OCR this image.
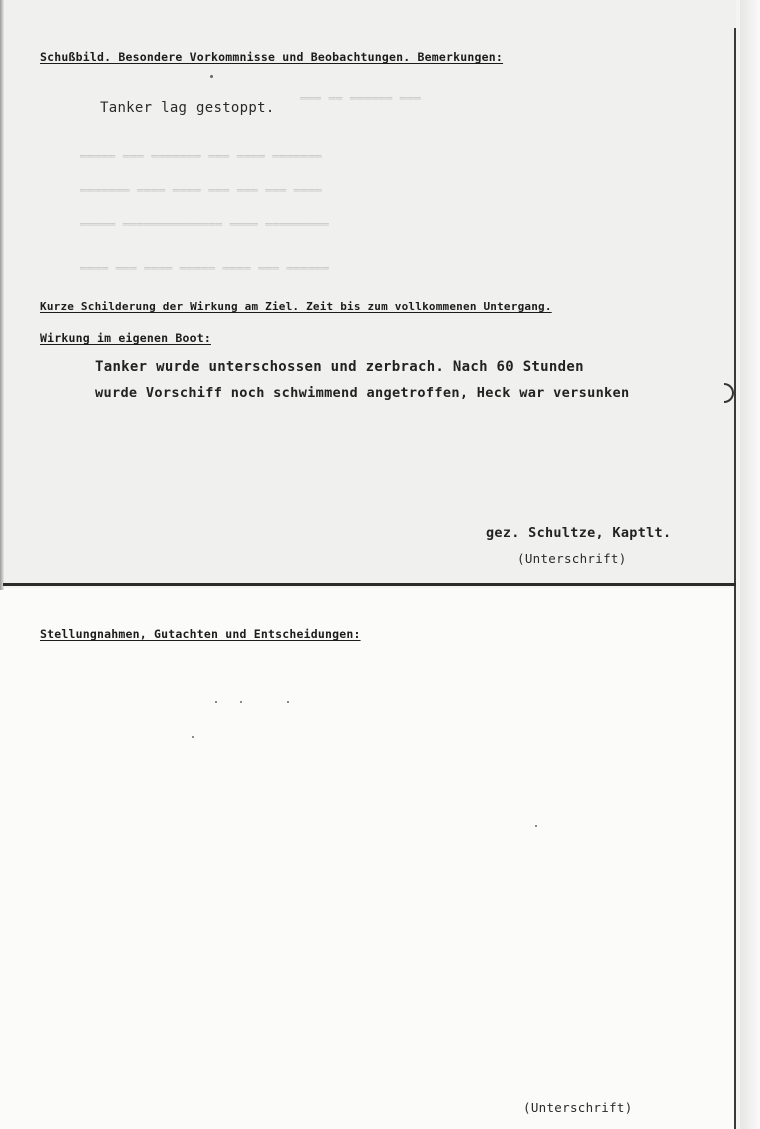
═══ ══ ══════ ═══
═════ ═══ ═══════ ═══ ════ ═══════
═══════ ════ ════ ═══ ═══ ═══ ════
═════ ══════════════ ════ ═════════
════ ═══ ════ ═════ ════ ═══ ══════
Schußbild. Besondere Vorkommnisse und Beobachtungen. Bemerkungen:
Tanker lag gestoppt.
Kurze Schilderung der Wirkung am Ziel. Zeit bis zum vollkommenen Untergang.
Wirkung im eigenen Boot:
Tanker wurde unterschossen und zerbrach. Nach 60 Stunden
wurde Vorschiff noch schwimmend angetroffen, Heck war versunken
gez. Schultze, Kaptlt.
(Unterschrift)
Stellungnahmen, Gutachten und Entscheidungen:
(Unterschrift)
